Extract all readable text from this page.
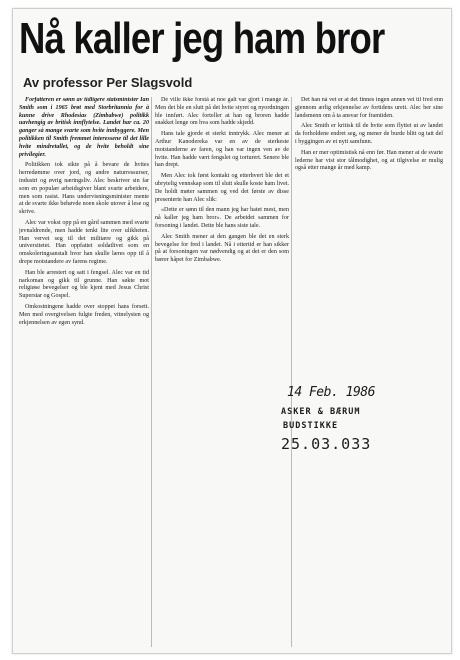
Nå kaller jeg ham bror
Av professor Per Slagsvold

Forfatteren er sønn av tidligere statsminister Ian Smith som i 1965 brøt med Storbritannia for å kunne drive Rhodesias (Zimbabwe) politikk uavhengig av britisk innflytelse. Landet har ca. 20 ganger så mange svarte som hvite innbyggere. Men politikken til Smith fremmet interessene til det lille hvite mindretallet, og de hvite beholdt sine privilegier.

Politikken tok sikte på å bevare de hvites herredømme over jord, og andre naturressurser, industri og øvrig næringsliv. Alec beskriver sin far som en populær arbeidsgiver blant svarte arbeidere, men som rasist. Hans undervisningsminister mente at de svarte ikke behøvde noen skole utover å lese og skrive.

Alec var vokst opp på en gård sammen med svarte jevnaldrende, men hadde tenkt lite over ulikheten. Han vervet seg til det militære og gikk på universitetet. Han oppfattet soldatlivet som en omskoleringsanstalt hvor han skulle læres opp til å drepe motstandere av farens regime.

Han ble arrestert og satt i fengsel. Alec var en tid narkoman og gikk til grunne. Han søkte mot religiøse bevegelser og ble kjent med Jesus Christ Superstar og Gospel.

Omkostningene hadde over stoppet hans forsett. Men med overgivelsen fulgte freden, vitnelysten og erkjennelsen av egen synd.

De ville ikke forstå at noe galt var gjort i mange år. Men det ble en slutt på det hvite styret og nyordningen ble innført. Alec forteller at han og broren hadde snakket lenge om hva som hadde skjedd.

Hans tale gjorde et sterkt inntrykk. Alec mener at Arthur Kanodereka var en av de sterkeste motstanderne av faren, og han var ingen ven av de hvite. Han hadde vært fengslet og torturert. Senere ble han drept.

Men Alec tok først kontakt og etterhvert ble det et ubrytelig vennskap som til slutt skulle koste ham livet. De holdt møter sammen og ved det første av disse presenterte han Alec slik:

«Dette er sønn til den mann jeg har hatet mest, men nå kaller jeg ham bror». De arbeidet sammen for forsoning i landet. Dette ble hans siste tale.

Alec Smith mener at den gangen ble det en sterk bevegelse for fred i landet. Nå i ettertid er han sikker på at forsoningen var nødvendig og at det er den som bærer håpet for Zimbabwe.

Det han nå vet er at det finnes ingen annen vei til fred enn gjennom ærlig erkjennelse av fortidens urett. Alec ber sine landsmenn om å ta ansvar for framtiden.

Alec Smith er kritisk til de hvite som flyttet ut av landet da forholdene endret seg, og mener de burde blitt og tatt del i byggingen av et nytt samfunn.

Han er mer optimistisk nå enn før. Han mener at de svarte lederne har vist stor tålmodighet, og at tilgivelse er mulig også etter mange år med kamp.

14 Feb. 1986
ASKER & BÆRUM
BUDSTIKKE
25.03.033
